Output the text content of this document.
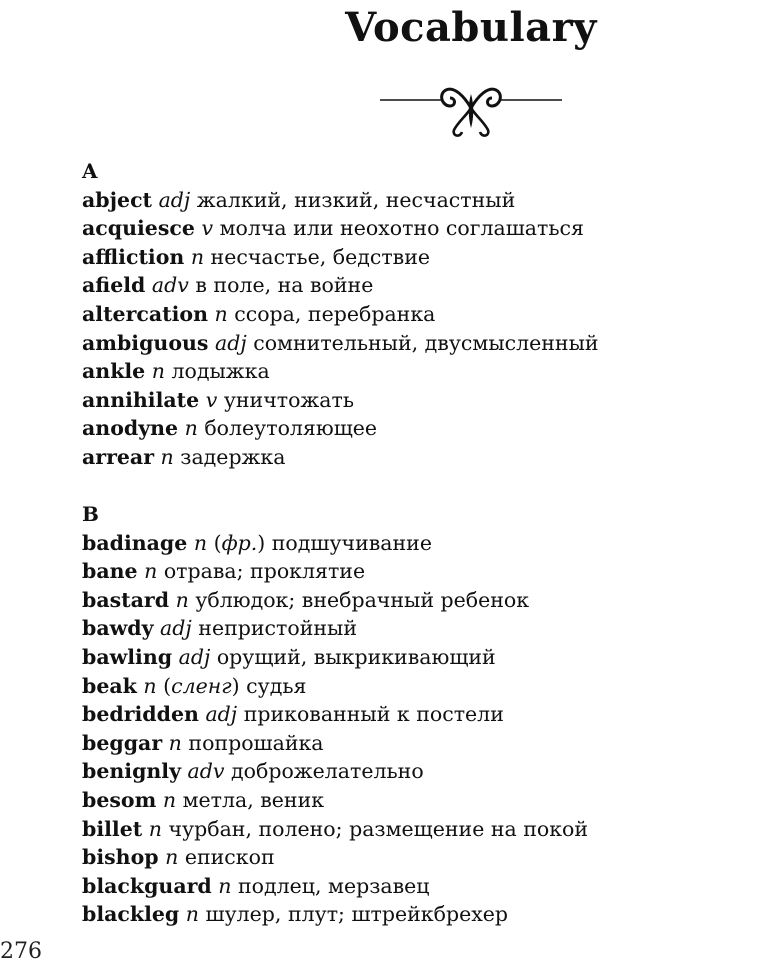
Vocabulary
A
abject adj жалкий, низкий, несчастный
acquiesce v молча или неохотно соглашаться
affliction n несчастье, бедствие
afield adv в поле, на войне
altercation n ссора, перебранка
ambiguous adj сомнительный, двусмысленный
ankle n лодыжка
annihilate v уничтожать
anodyne n болеутоляющее
arrear n задержка
B
badinage n (фр.) подшучивание
bane n отрава; проклятие
bastard n ублюдок; внебрачный ребенок
bawdy adj непристойный
bawling adj орущий, выкрикивающий
beak n (сленг) судья
bedridden adj прикованный к постели
beggar n попрошайка
benignly adv доброжелательно
besom n метла, веник
billet n чурбан, полено; размещение на покой
bishop n епископ
blackguard n подлец, мерзавец
blackleg n шулер, плут; штрейкбрехер
276
